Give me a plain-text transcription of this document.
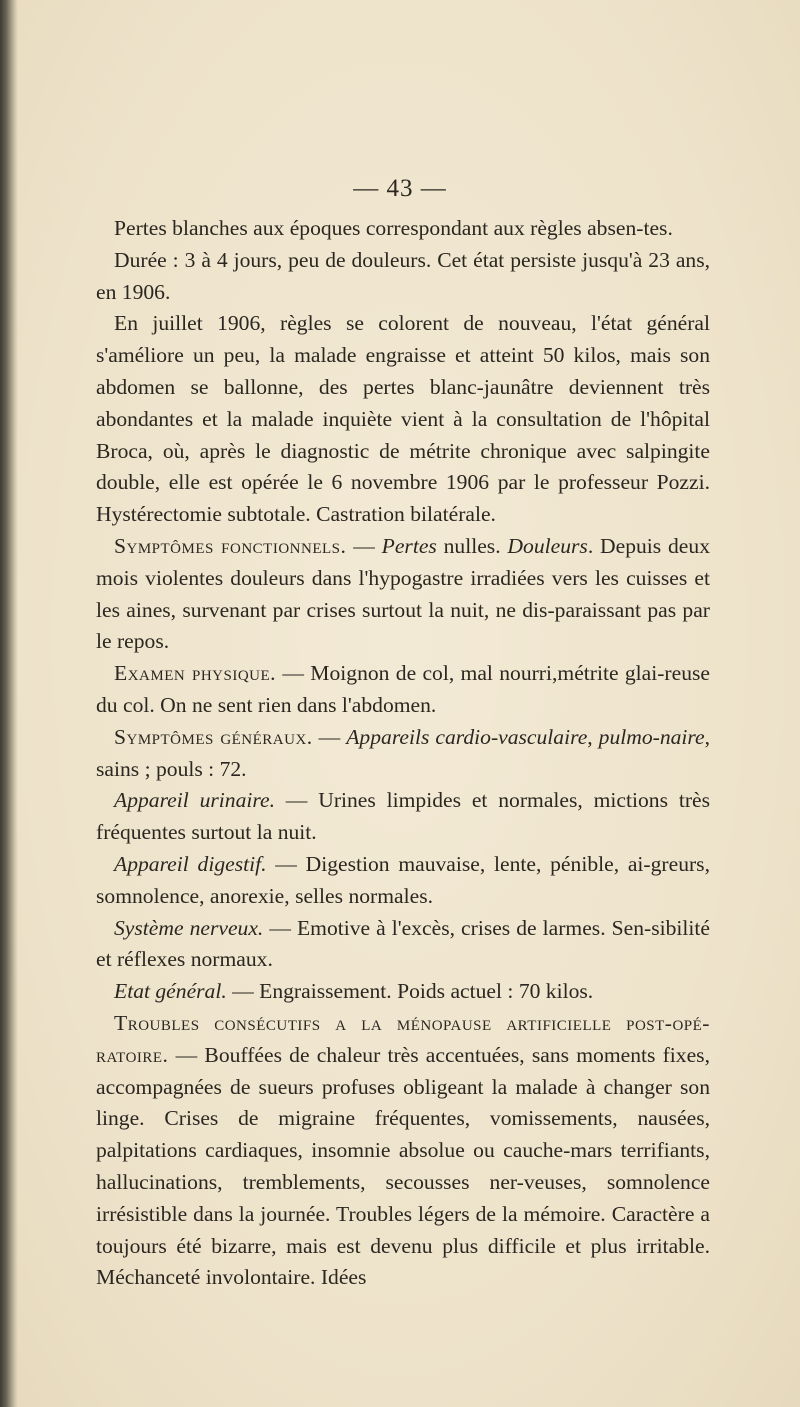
— 43 —

Pertes blanches aux époques correspondant aux règles absen-tes.

Durée : 3 à 4 jours, peu de douleurs. Cet état persiste jusqu'à 23 ans, en 1906.

En juillet 1906, règles se colorent de nouveau, l'état général s'améliore un peu, la malade engraisse et atteint 50 kilos, mais son abdomen se ballonne, des pertes blanc-jaunâtre deviennent très abondantes et la malade inquiète vient à la consultation de l'hôpital Broca, où, après le diagnostic de métrite chronique avec salpingite double, elle est opérée le 6 novembre 1906 par le professeur Pozzi. Hystérectomie subtotale. Castration bilatérale.

Symptômes fonctionnels. — Pertes nulles. Douleurs. Depuis deux mois violentes douleurs dans l'hypogastre irradiées vers les cuisses et les aines, survenant par crises surtout la nuit, ne dis-paraissant pas par le repos.

Examen physique. — Moignon de col, mal nourri,métrite glai-reuse du col. On ne sent rien dans l'abdomen.

Symptômes généraux. — Appareils cardio-vasculaire, pulmo-naire, sains ; pouls : 72.

Appareil urinaire. — Urines limpides et normales, mictions très fréquentes surtout la nuit.

Appareil digestif. — Digestion mauvaise, lente, pénible, ai-greurs, somnolence, anorexie, selles normales.

Système nerveux. — Emotive à l'excès, crises de larmes. Sen-sibilité et réflexes normaux.

Etat général. — Engraissement. Poids actuel : 70 kilos.

Troubles consécutifs a la ménopause artificielle post-opé-ratoire. — Bouffées de chaleur très accentuées, sans moments fixes, accompagnées de sueurs profuses obligeant la malade à changer son linge. Crises de migraine fréquentes, vomissements, nausées, palpitations cardiaques, insomnie absolue ou cauche-mars terrifiants, hallucinations, tremblements, secousses ner-veuses, somnolence irrésistible dans la journée. Troubles légers de la mémoire. Caractère a toujours été bizarre, mais est devenu plus difficile et plus irritable. Méchanceté involontaire. Idées
